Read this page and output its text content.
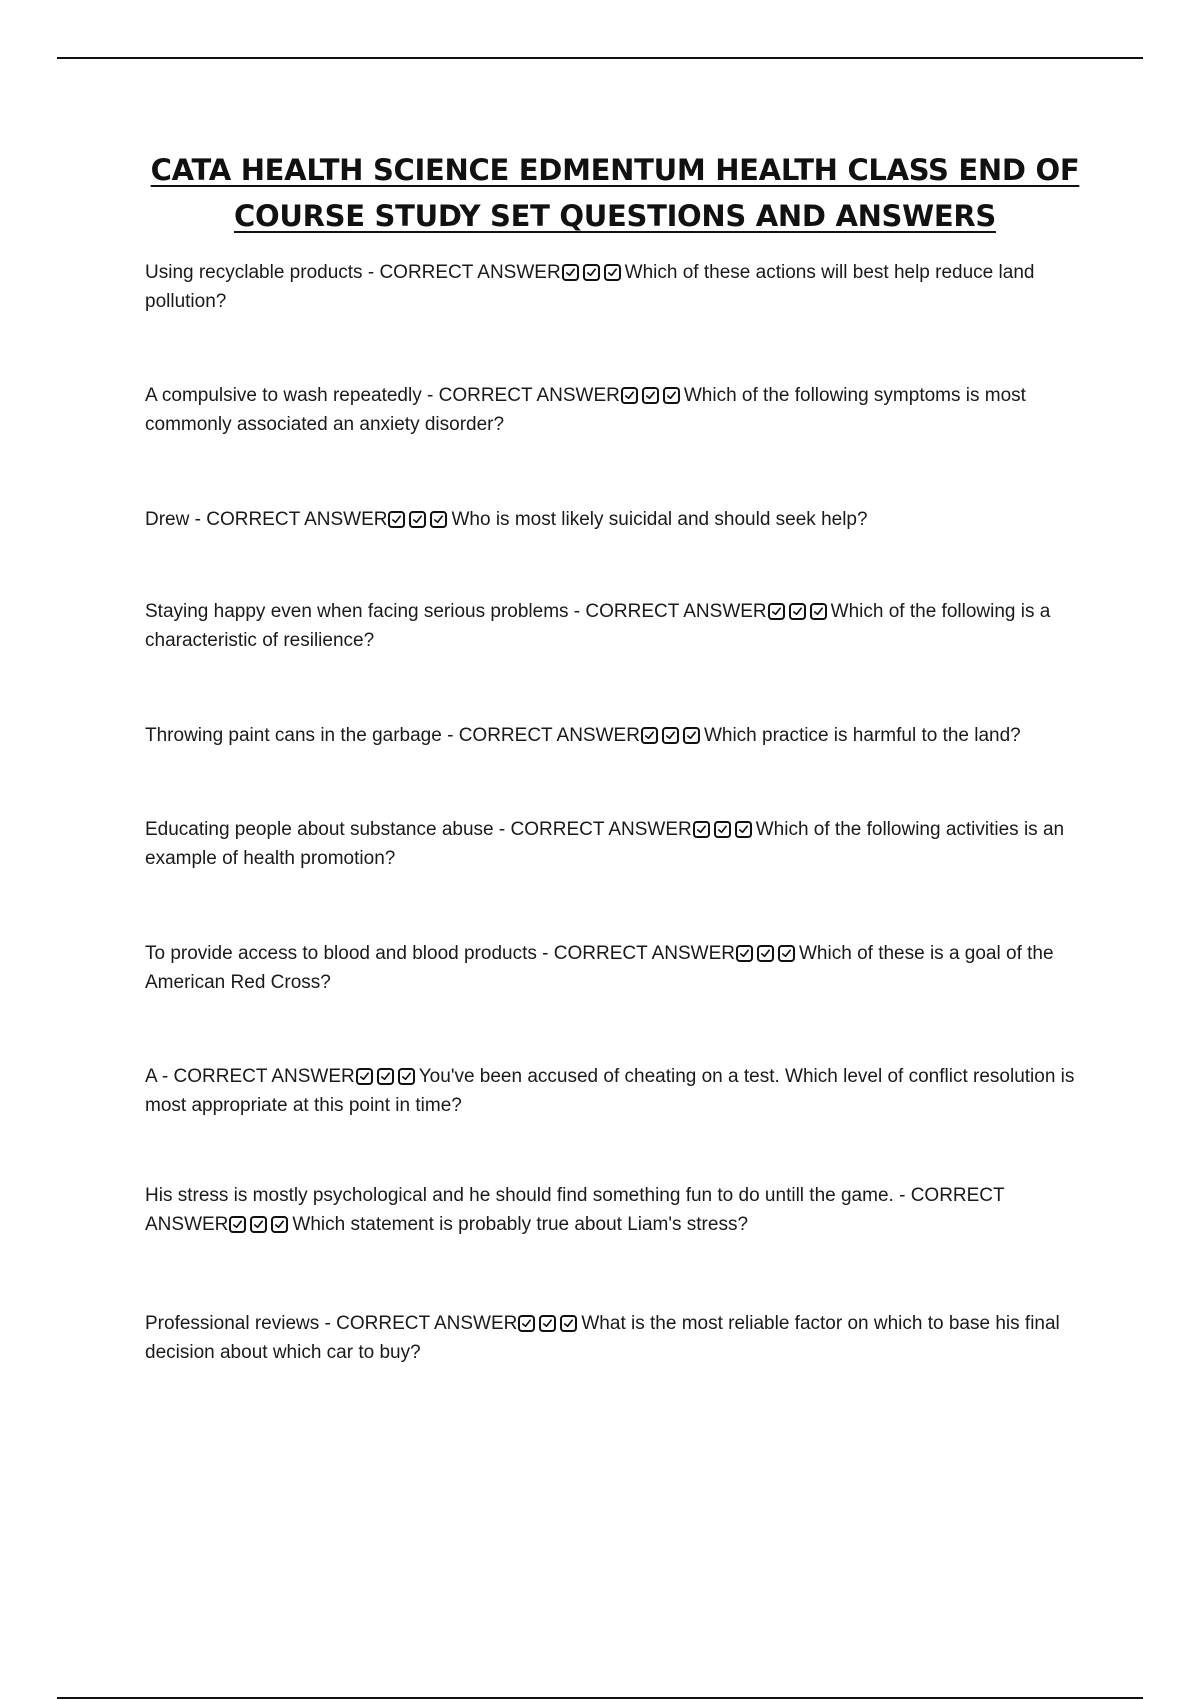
CATA HEALTH SCIENCE EDMENTUM HEALTH CLASS END OF
COURSE STUDY SET QUESTIONS AND ANSWERS
Using recyclable products - CORRECT ANSWER	Which of these actions will best help reduce land pollution?
A compulsive to wash repeatedly - CORRECT ANSWER	Which of the following symptoms is most commonly associated an anxiety disorder?
Drew - CORRECT ANSWER	Who is most likely suicidal and should seek help?
Staying happy even when facing serious problems - CORRECT ANSWER	Which of the following is a characteristic of resilience?
Throwing paint cans in the garbage - CORRECT ANSWER	Which practice is harmful to the land?
Educating people about substance abuse - CORRECT ANSWER	Which of the following activities is an example of health promotion?
To provide access to blood and blood products - CORRECT ANSWER	Which of these is a goal of the American Red Cross?
A - CORRECT ANSWER	You've been accused of cheating on a test. Which level of conflict resolution is most appropriate at this point in time?
His stress is mostly psychological and he should find something fun to do untill the game. - CORRECT ANSWER	Which statement is probably true about Liam's stress?
Professional reviews - CORRECT ANSWER	What is the most reliable factor on which to base his final decision about which car to buy?
